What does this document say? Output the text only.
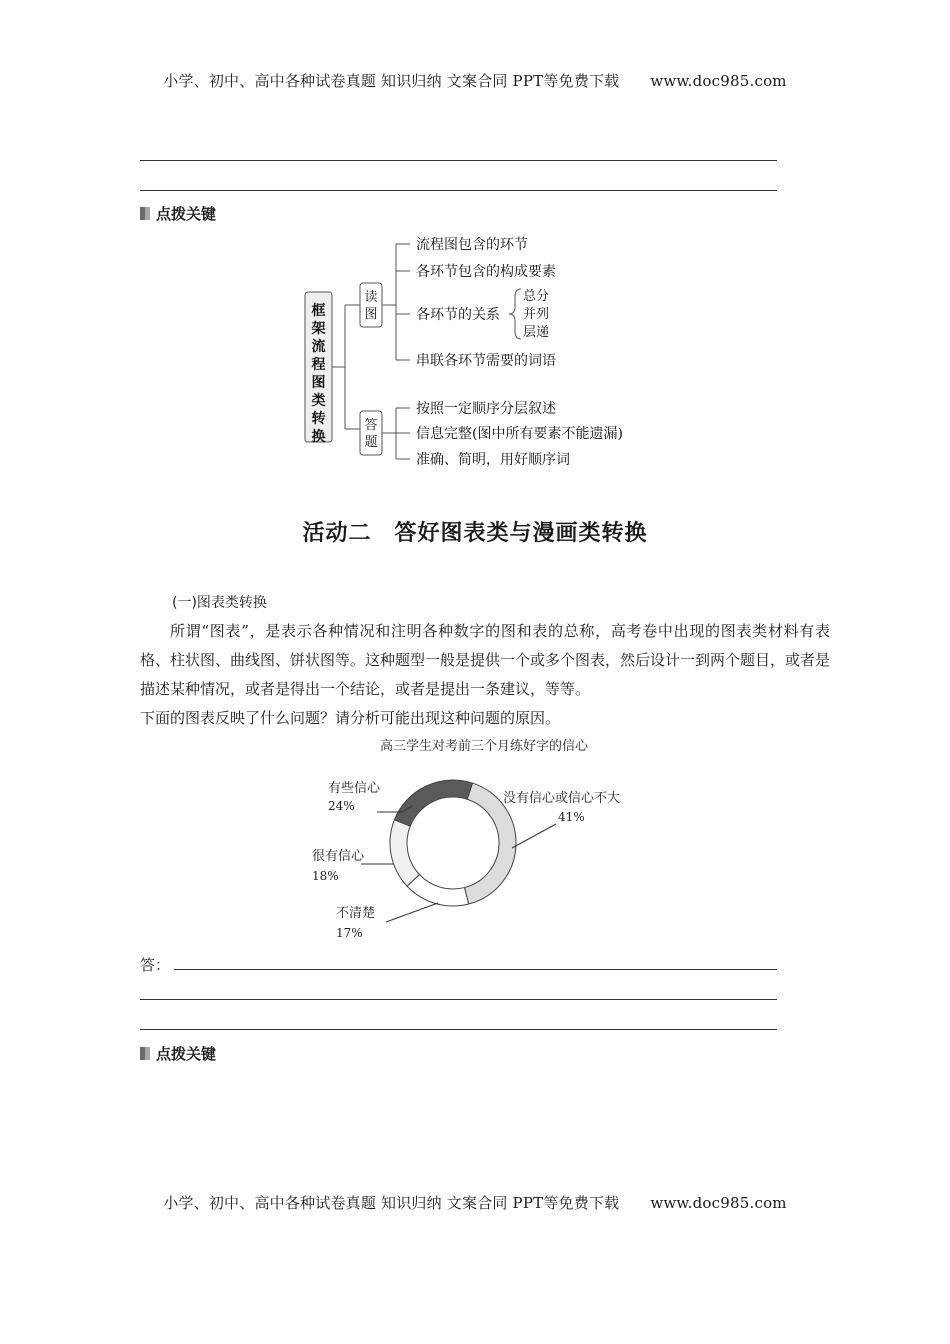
小学、初中、高中各种试卷真题 知识归纳 文案合同 PPT等免费下载 www.doc985.com
点拨关键
框架流程图类转换
读图
答题
流程图包含的环节
各环节包含的构成要素
各环节的关系
串联各环节需要的词语
总分
并列
层递
按照一定顺序分层叙述
信息完整(图中所有要素不能遗漏)
准确、简明，用好顺序词
活动二　答好图表类与漫画类转换
(一)图表类转换

所谓“图表”，是表示各种情况和注明各种数字的图和表的总称，高考卷中出现的图表类材料有表格、柱状图、曲线图、饼状图等。这种题型一般是提供一个或多个图表，然后设计一到两个题目，或者是描述某种情况，或者是得出一个结论，或者是提出一条建议，等等。

下面的图表反映了什么问题？请分析可能出现这种问题的原因。

高三学生对考前三个月练好字的信心
有些信心
24%	没有信心或信心不大
41%
很有信心
18%
不清楚
17%
答：
点拨关键
小学、初中、高中各种试卷真题 知识归纳 文案合同 PPT等免费下载 www.doc985.com
